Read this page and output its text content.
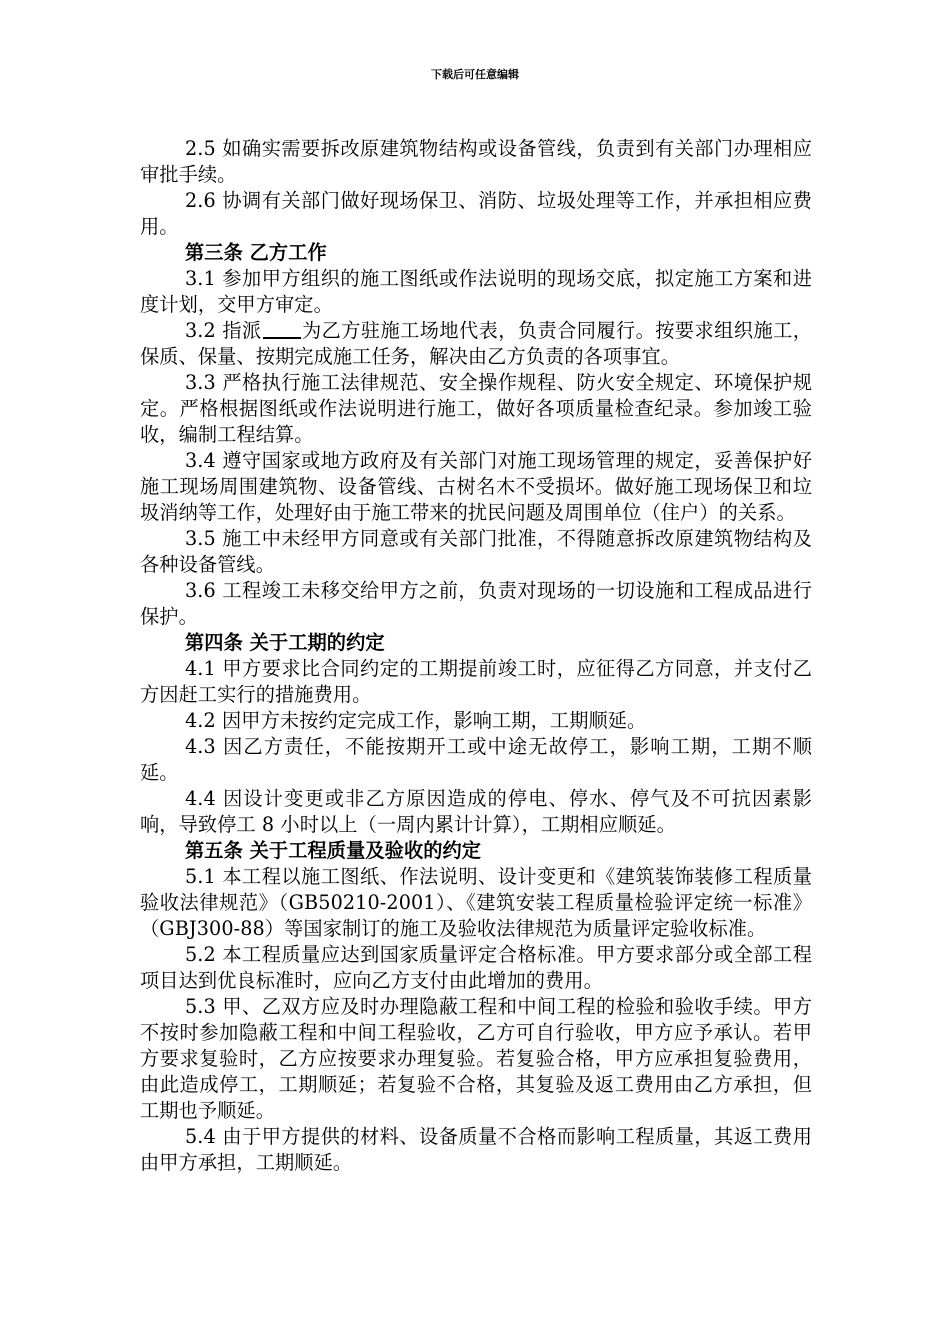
下载后可任意编辑

2.5 如确实需要拆改原建筑物结构或设备管线，负责到有关部门办理相应审批手续。

2.6 协调有关部门做好现场保卫、消防、垃圾处理等工作，并承担相应费用。

第三条 乙方工作

3.1 参加甲方组织的施工图纸或作法说明的现场交底，拟定施工方案和进度计划，交甲方审定。

3.2 指派 为乙方驻施工场地代表，负责合同履行。按要求组织施工，保质、保量、按期完成施工任务，解决由乙方负责的各项事宜。

3.3 严格执行施工法律规范、安全操作规程、防火安全规定、环境保护规定。严格根据图纸或作法说明进行施工，做好各项质量检查纪录。参加竣工验收，编制工程结算。

3.4 遵守国家或地方政府及有关部门对施工现场管理的规定，妥善保护好施工现场周围建筑物、设备管线、古树名木不受损坏。做好施工现场保卫和垃圾消纳等工作，处理好由于施工带来的扰民问题及周围单位（住户）的关系。

3.5 施工中未经甲方同意或有关部门批准，不得随意拆改原建筑物结构及各种设备管线。

3.6 工程竣工未移交给甲方之前，负责对现场的一切设施和工程成品进行保护。

第四条 关于工期的约定

4.1 甲方要求比合同约定的工期提前竣工时，应征得乙方同意，并支付乙方因赶工实行的措施费用。

4.2 因甲方未按约定完成工作，影响工期，工期顺延。

4.3 因乙方责任，不能按期开工或中途无故停工，影响工期，工期不顺延。

4.4 因设计变更或非乙方原因造成的停电、停水、停气及不可抗因素影响，导致停工 8 小时以上（一周内累计计算），工期相应顺延。

第五条 关于工程质量及验收的约定

5.1 本工程以施工图纸、作法说明、设计变更和《建筑装饰装修工程质量验收法律规范》（GB50210-2001）、《建筑安装工程质量检验评定统一标准》（GBJ300-88）等国家制订的施工及验收法律规范为质量评定验收标准。

5.2 本工程质量应达到国家质量评定合格标准。甲方要求部分或全部工程项目达到优良标准时，应向乙方支付由此增加的费用。

5.3 甲、乙双方应及时办理隐蔽工程和中间工程的检验和验收手续。甲方不按时参加隐蔽工程和中间工程验收，乙方可自行验收，甲方应予承认。若甲方要求复验时，乙方应按要求办理复验。若复验合格，甲方应承担复验费用，由此造成停工，工期顺延；若复验不合格，其复验及返工费用由乙方承担，但工期也予顺延。

5.4 由于甲方提供的材料、设备质量不合格而影响工程质量，其返工费用由甲方承担，工期顺延。
